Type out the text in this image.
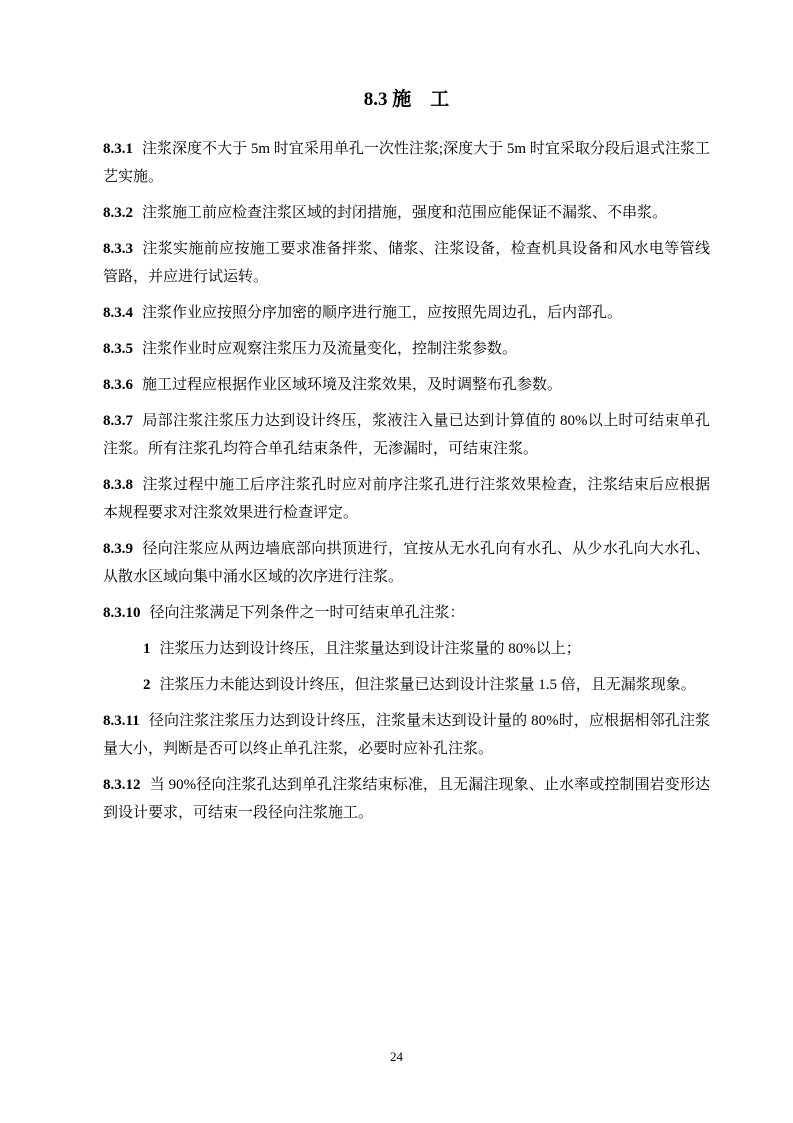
8.3 施　工

8.3.1 注浆深度不大于 5m 时宜采用单孔一次性注浆;深度大于 5m 时宜采取分段后退式注浆工艺实施。

8.3.2 注浆施工前应检查注浆区域的封闭措施，强度和范围应能保证不漏浆、不串浆。

8.3.3 注浆实施前应按施工要求准备拌浆、储浆、注浆设备，检查机具设备和风水电等管线管路，并应进行试运转。

8.3.4 注浆作业应按照分序加密的顺序进行施工，应按照先周边孔，后内部孔。

8.3.5 注浆作业时应观察注浆压力及流量变化，控制注浆参数。

8.3.6 施工过程应根据作业区域环境及注浆效果，及时调整布孔参数。

8.3.7 局部注浆注浆压力达到设计终压，浆液注入量已达到计算值的 80%以上时可结束单孔注浆。所有注浆孔均符合单孔结束条件，无渗漏时，可结束注浆。

8.3.8 注浆过程中施工后序注浆孔时应对前序注浆孔进行注浆效果检查，注浆结束后应根据本规程要求对注浆效果进行检查评定。

8.3.9 径向注浆应从两边墙底部向拱顶进行，宜按从无水孔向有水孔、从少水孔向大水孔、从散水区域向集中涌水区域的次序进行注浆。

8.3.10 径向注浆满足下列条件之一时可结束单孔注浆：

1 注浆压力达到设计终压，且注浆量达到设计注浆量的 80%以上；

2 注浆压力未能达到设计终压，但注浆量已达到设计注浆量 1.5 倍，且无漏浆现象。

8.3.11 径向注浆注浆压力达到设计终压，注浆量未达到设计量的 80%时，应根据相邻孔注浆量大小，判断是否可以终止单孔注浆，必要时应补孔注浆。

8.3.12 当 90%径向注浆孔达到单孔注浆结束标准，且无漏注现象、止水率或控制围岩变形达到设计要求，可结束一段径向注浆施工。

24
